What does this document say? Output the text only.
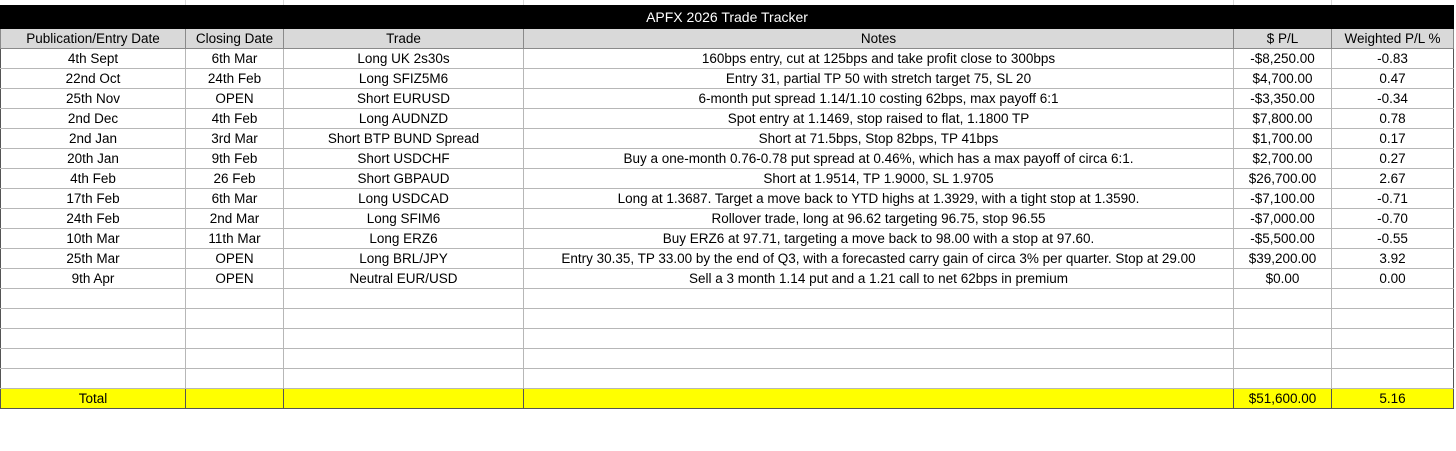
APFX 2026 Trade Tracker					
Publication/Entry Date	Closing Date	Trade	Notes	$ P/L	Weighted P/L %
4th Sept	6th Mar	Long UK 2s30s	160bps entry, cut at 125bps and take profit close to 300bps	-$8,250.00	-0.83
22nd Oct	24th Feb	Long SFIZ5M6	Entry 31, partial TP 50 with stretch target 75, SL 20	$4,700.00	0.47
25th Nov	OPEN	Short EURUSD	6-month put spread 1.14/1.10 costing 62bps, max payoff 6:1	-$3,350.00	-0.34
2nd Dec	4th Feb	Long AUDNZD	Spot entry at 1.1469, stop raised to flat, 1.1800 TP	$7,800.00	0.78
2nd Jan	3rd Mar	Short BTP BUND Spread	Short at 71.5bps, Stop 82bps, TP 41bps	$1,700.00	0.17
20th Jan	9th Feb	Short USDCHF	Buy a one-month 0.76-0.78 put spread at 0.46%, which has a max payoff of circa 6:1.	$2,700.00	0.27
4th Feb	26 Feb	Short GBPAUD	Short at 1.9514, TP 1.9000, SL 1.9705	$26,700.00	2.67
17th Feb	6th Mar	Long USDCAD	Long at 1.3687. Target a move back to YTD highs at 1.3929, with a tight stop at 1.3590.	-$7,100.00	-0.71
24th Feb	2nd Mar	Long SFIM6	Rollover trade, long at 96.62 targeting 96.75, stop 96.55	-$7,000.00	-0.70
10th Mar	11th Mar	Long ERZ6	Buy ERZ6 at 97.71, targeting a move back to 98.00 with a stop at 97.60.	-$5,500.00	-0.55
25th Mar	OPEN	Long BRL/JPY	Entry 30.35, TP 33.00 by the end of Q3, with a forecasted carry gain of circa 3% per quarter. Stop at 29.00	$39,200.00	3.92
9th Apr	OPEN	Neutral EUR/USD	Sell a 3 month 1.14 put and a 1.21 call to net 62bps in premium	$0.00	0.00

Total				$51,600.00	5.16
